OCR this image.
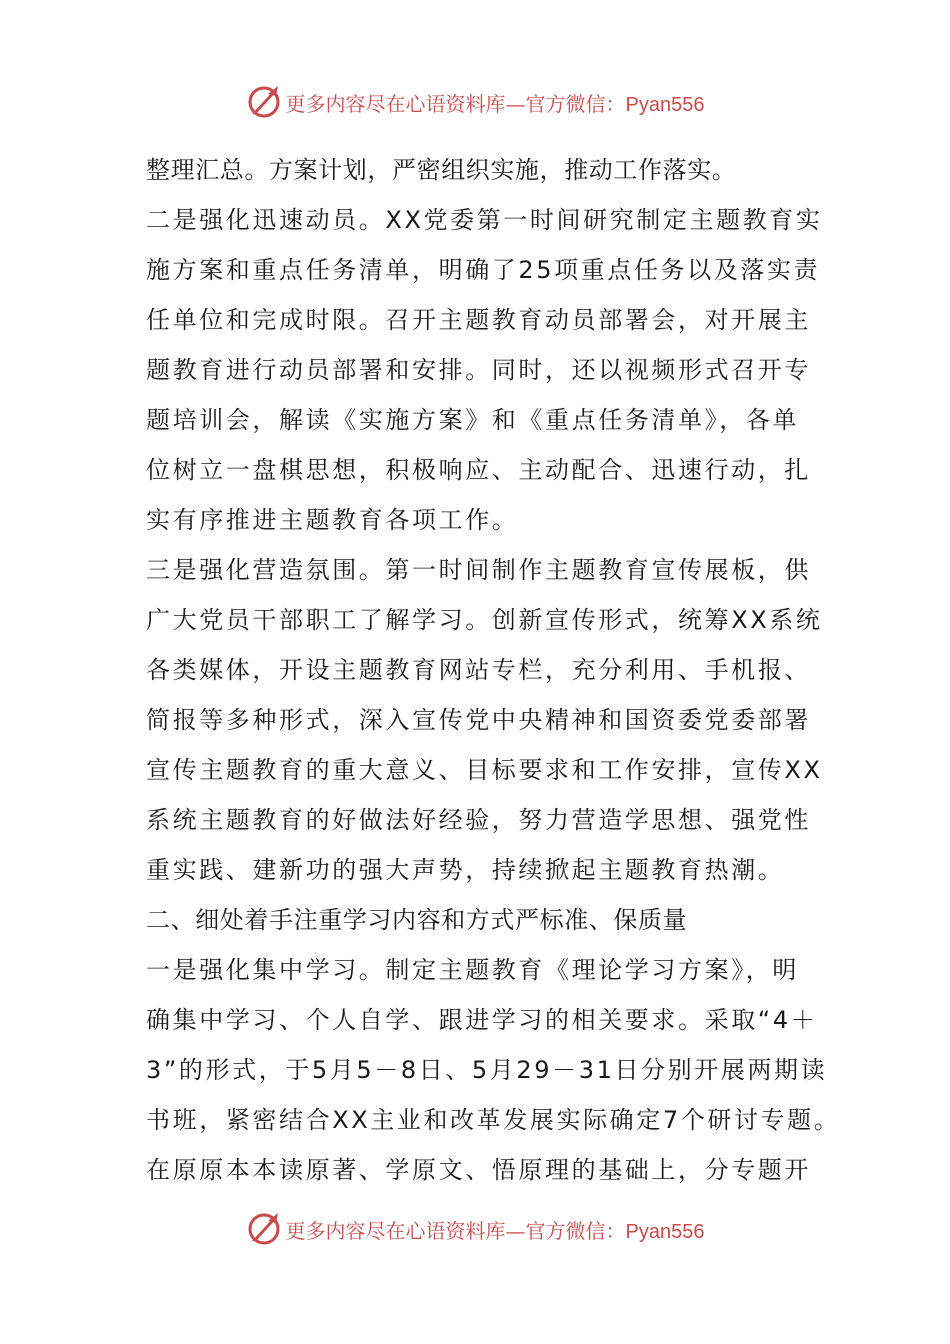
更多内容尽在心语资料库—官方微信：Pyan556
整理汇总。方案计划，严密组织实施，推动工作落实。
二是强化迅速动员。XX党委第一时间研究制定主题教育实
施方案和重点任务清单，明确了25项重点任务以及落实责
任单位和完成时限。召开主题教育动员部署会，对开展主
题教育进行动员部署和安排。同时，还以视频形式召开专
题培训会，解读《实施方案》和《重点任务清单》，各单
位树立一盘棋思想，积极响应、主动配合、迅速行动，扎
实有序推进主题教育各项工作。
三是强化营造氛围。第一时间制作主题教育宣传展板，供
广大党员干部职工了解学习。创新宣传形式，统筹XX系统
各类媒体，开设主题教育网站专栏，充分利用、手机报、
简报等多种形式，深入宣传党中央精神和国资委党委部署
宣传主题教育的重大意义、目标要求和工作安排，宣传XX
系统主题教育的好做法好经验，努力营造学思想、强党性
重实践、建新功的强大声势，持续掀起主题教育热潮。
二、细处着手注重学习内容和方式严标准、保质量
一是强化集中学习。制定主题教育《理论学习方案》，明
确集中学习、个人自学、跟进学习的相关要求。采取“4＋
3”的形式，于5月5－8日、5月29－31日分别开展两期读
书班，紧密结合XX主业和改革发展实际确定7个研讨专题。
在原原本本读原著、学原文、悟原理的基础上，分专题开
更多内容尽在心语资料库—官方微信：Pyan556
